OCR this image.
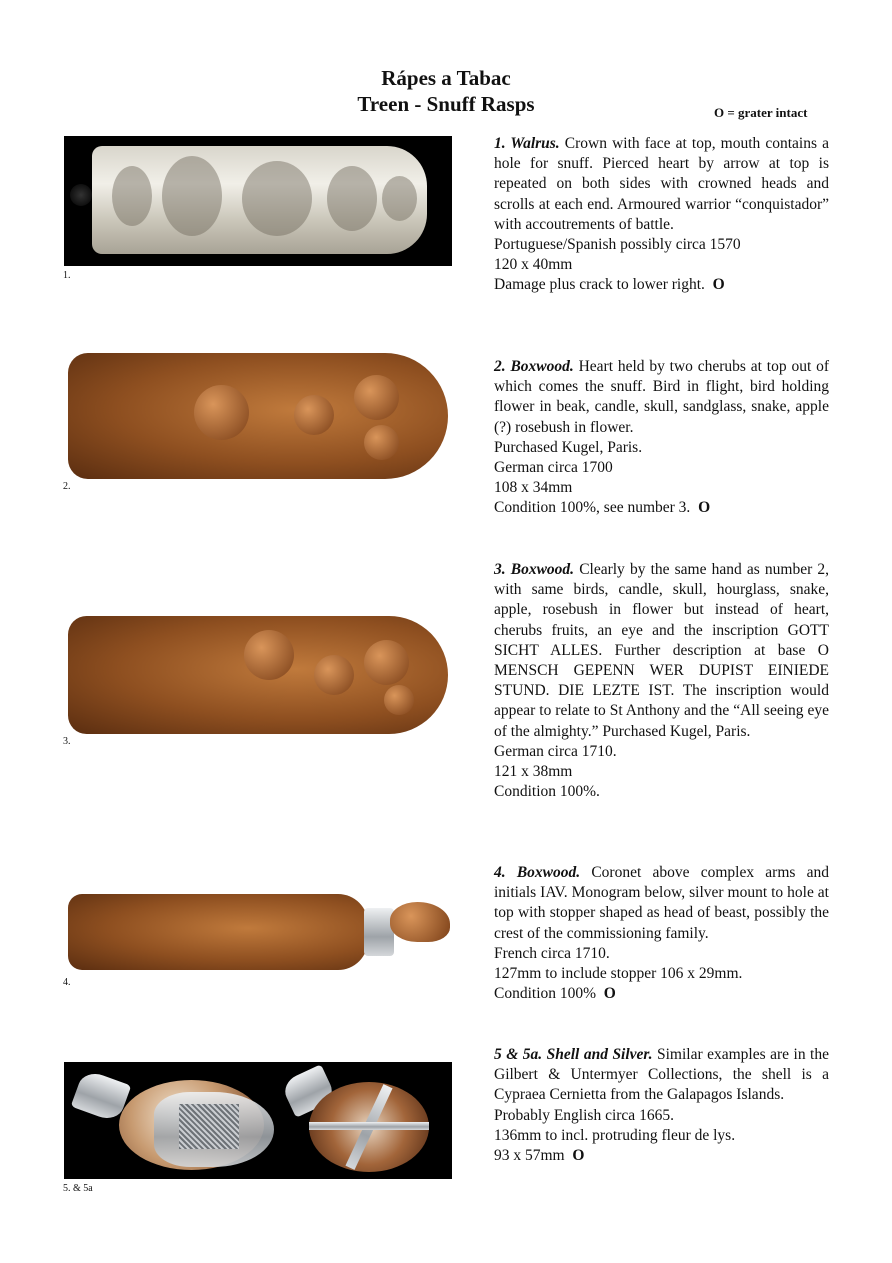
Rápes a Tabac
Treen - Snuff Rasps	O = grater intact
1.
2.
3.
4.
5. & 5a

1. Walrus. Crown with face at top, mouth contains a hole for snuff. Pierced heart by arrow at top is repeated on both sides with crowned heads and scrolls at each end. Armoured warrior “conquistador” with accoutrements of battle.

Portuguese/Spanish possibly circa 1570

120 x 40mm

Damage plus crack to lower right. O

2. Boxwood. Heart held by two cherubs at top out of which comes the snuff. Bird in flight, bird holding flower in beak, candle, skull, sandglass, snake, apple (?) rosebush in flower.

Purchased Kugel, Paris.

German circa 1700

108 x 34mm

Condition 100%, see number 3. O

3. Boxwood. Clearly by the same hand as number 2, with same birds, candle, skull, hourglass, snake, apple, rosebush in flower but instead of heart, cherubs fruits, an eye and the inscription GOTT SICHT ALLES. Further description at base O MENSCH GEPENN WER DUPIST EINIEDE STUND. DIE LEZTE IST. The inscription would appear to relate to St Anthony and the “All seeing eye of the almighty.” Purchased Kugel, Paris.

German circa 1710.

121 x 38mm

Condition 100%.

4. Boxwood. Coronet above complex arms and initials IAV. Monogram below, silver mount to hole at top with stopper shaped as head of beast, possibly the crest of the commissioning family.

French circa 1710.

127mm to include stopper 106 x 29mm.

Condition 100% O

5 & 5a. Shell and Silver. Similar examples are in the Gilbert & Untermyer Collections, the shell is a Cypraea Cernietta from the Galapagos Islands.

Probably English circa 1665.

136mm to incl. protruding fleur de lys.

93 x 57mm O
